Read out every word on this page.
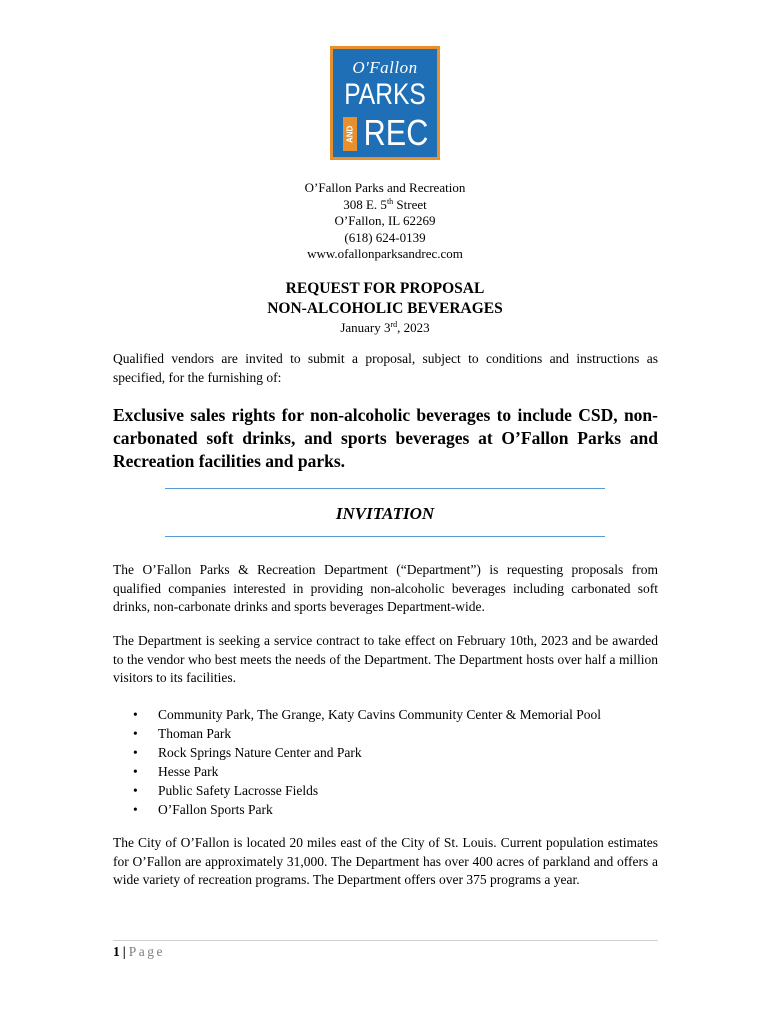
O'Fallon
PARKS
AND REC
O’Fallon Parks and Recreation
308 E. 5th Street
O’Fallon, IL 62269
(618) 624-0139
www.ofallonparksandrec.com
REQUEST FOR PROPOSAL
NON-ALCOHOLIC BEVERAGES
January 3rd, 2023
Qualified vendors are invited to submit a proposal, subject to conditions and instructions as specified, for the furnishing of:
Exclusive sales rights for non-alcoholic beverages to include CSD, non-carbonated soft drinks, and sports beverages at O’Fallon Parks and Recreation facilities and parks.
INVITATION
The O’Fallon Parks & Recreation Department (“Department”) is requesting proposals from qualified companies interested in providing non-alcoholic beverages including carbonated soft drinks, non-carbonate drinks and sports beverages Department-wide.
The Department is seeking a service contract to take effect on February 10th, 2023 and be awarded to the vendor who best meets the needs of the Department. The Department hosts over half a million visitors to its facilities.
• Community Park, The Grange, Katy Cavins Community Center & Memorial Pool
• Thoman Park
• Rock Springs Nature Center and Park
• Hesse Park
• Public Safety Lacrosse Fields
• O’Fallon Sports Park
The City of O’Fallon is located 20 miles east of the City of St. Louis. Current population estimates for O’Fallon are approximately 31,000. The Department has over 400 acres of parkland and offers a wide variety of recreation programs. The Department offers over 375 programs a year.
1 | Page
